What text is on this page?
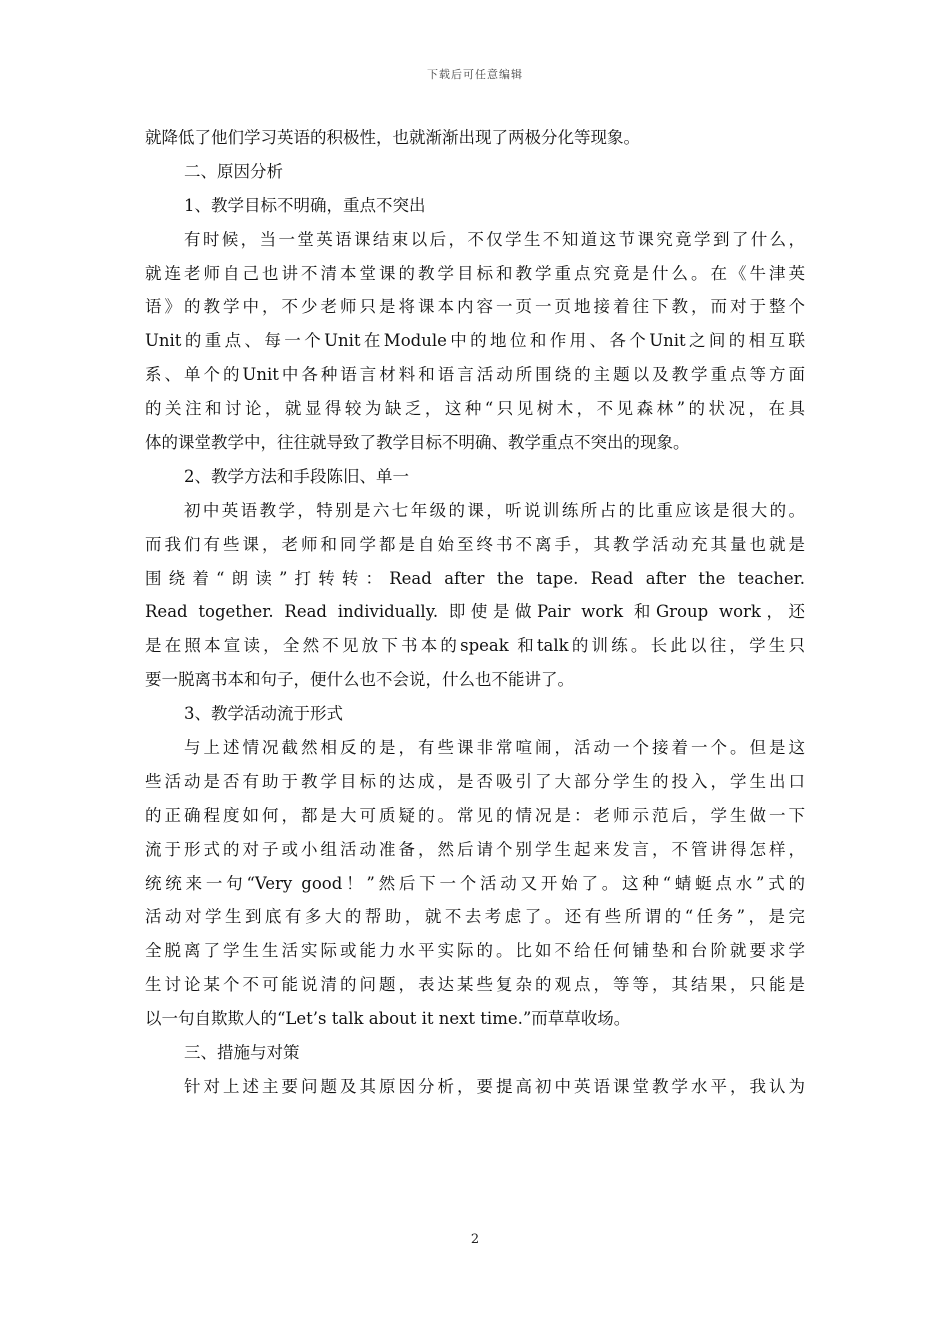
下载后可任意编辑
就降低了他们学习英语的积极性，也就渐渐出现了两极分化等现象。
二、原因分析
1、教学目标不明确，重点不突出
有时候，当一堂英语课结束以后，不仅学生不知道这节课究竟学到了什么，
就连老师自己也讲不清本堂课的教学目标和教学重点究竟是什么。在《牛津英
语》的教学中，不少老师只是将课本内容一页一页地接着往下教，而对于整个
Unit的重点、每一个Unit在Module中的地位和作用、各个Unit之间的相互联
系、单个的Unit中各种语言材料和语言活动所围绕的主题以及教学重点等方面
的关注和讨论，就显得较为缺乏，这种“只见树木，不见森林”的状况，在具
体的课堂教学中，往往就导致了教学目标不明确、教学重点不突出的现象。
2、教学方法和手段陈旧、单一
初中英语教学，特别是六七年级的课，听说训练所占的比重应该是很大的。
而我们有些课，老师和同学都是自始至终书不离手，其教学活动充其量也就是
围绕着“朗读”打转转：Read after the tape. Read after the teacher.
Read together. Read individually. 即使是做Pair work 和Group work，还
是在照本宣读，全然不见放下书本的speak 和talk的训练。长此以往，学生只
要一脱离书本和句子，便什么也不会说，什么也不能讲了。
3、教学活动流于形式
与上述情况截然相反的是，有些课非常喧闹，活动一个接着一个。但是这
些活动是否有助于教学目标的达成，是否吸引了大部分学生的投入，学生出口
的正确程度如何，都是大可质疑的。常见的情况是：老师示范后，学生做一下
流于形式的对子或小组活动准备，然后请个别学生起来发言，不管讲得怎样，
统统来一句“Very good！”然后下一个活动又开始了。这种“蜻蜓点水”式的
活动对学生到底有多大的帮助，就不去考虑了。还有些所谓的“任务”，是完
全脱离了学生生活实际或能力水平实际的。比如不给任何铺垫和台阶就要求学
生讨论某个不可能说清的问题，表达某些复杂的观点，等等，其结果，只能是
以一句自欺欺人的“Let’s talk about it next time.”而草草收场。
三、措施与对策
针对上述主要问题及其原因分析，要提高初中英语课堂教学水平，我认为
2
